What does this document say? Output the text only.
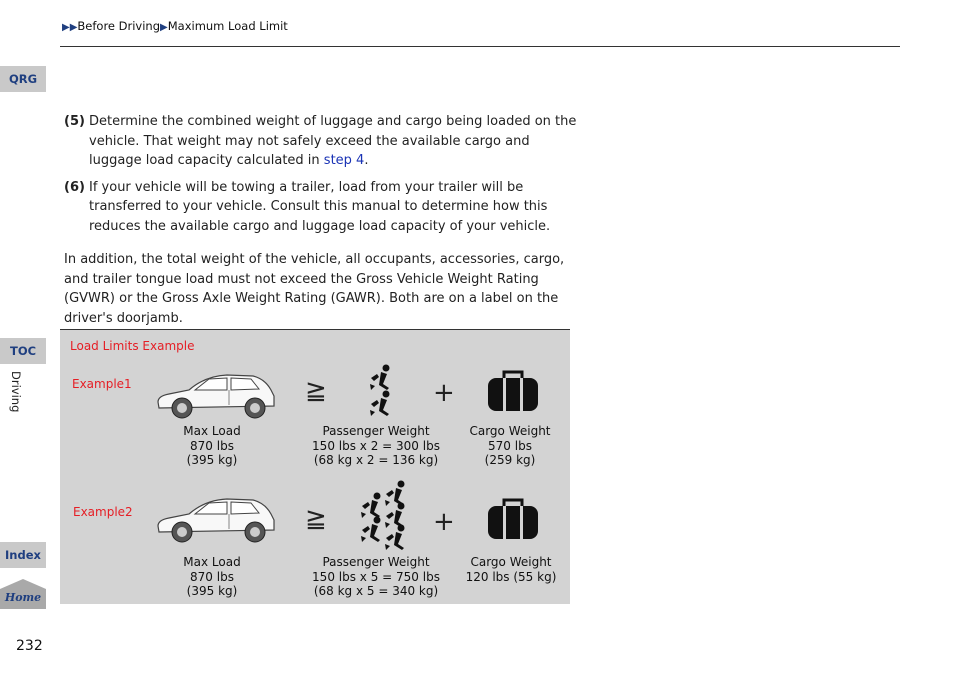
▶▶Before Driving▶Maximum Load Limit
QRG
TOC
Driving
Index
Home
232
(5) Determine the combined weight of luggage and cargo being loaded on the vehicle. That weight may not safely exceed the available cargo and luggage load capacity calculated in step 4.
(6) If your vehicle will be towing a trailer, load from your trailer will be transferred to your vehicle. Consult this manual to determine how this reduces the available cargo and luggage load capacity of your vehicle.
In addition, the total weight of the vehicle, all occupants, accessories, cargo, and trailer tongue load must not exceed the Gross Vehicle Weight Rating (GVWR) or the Gross Axle Weight Rating (GAWR). Both are on a label on the driver's doorjamb.
Load Limits Example
Example1	≧	+
Max Load
870 lbs
(395 kg)
Passenger Weight
150 lbs x 2 = 300 lbs
(68 kg x 2 = 136 kg)
Cargo Weight
570 lbs
(259 kg)
Example2	≧	+
Max Load
870 lbs
(395 kg)
Passenger Weight
150 lbs x 5 = 750 lbs
(68 kg x 5 = 340 kg)
Cargo Weight
120 lbs (55 kg)
